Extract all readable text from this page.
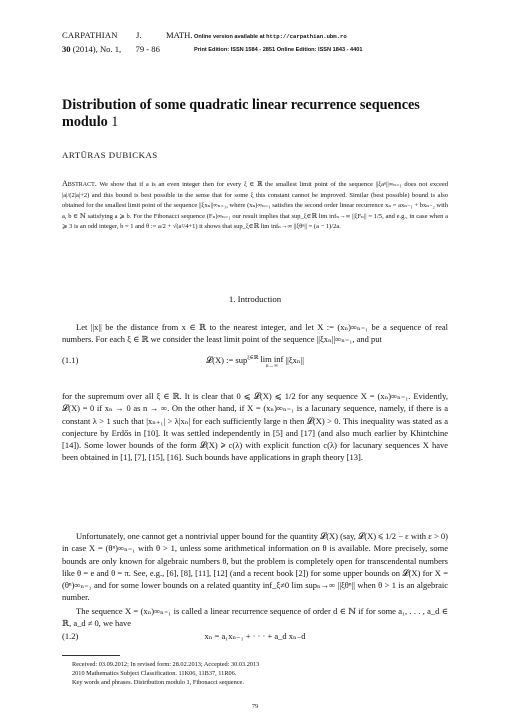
CARPATHIAN J.	MATH. Online version available at http://carpathian.ubm.ro
30 (2014), No. 1, 79 - 86	Print Edition: ISSN 1584 - 2851 Online Edition: ISSN 1843 - 4401
Distribution of some quadratic linear recurrence sequences modulo 1
ARTŪRAS DUBICKAS
Abstract. We show that if a is an even integer then for every ξ ∈ ℝ the smallest limit point of the sequence ||ξaⁿ||∞ₙ₌₁ does not exceed |a|/(2|a|+2) and this bound is best possible in the sense that for some ξ this constant cannot be improved. Similar (best possible) bound is also obtained for the smallest limit point of the sequence ||ξxₙ||∞ₙ₌₁, where (xₙ)∞ₙ₌₁ satisfies the second order linear recurrence xₙ = axₙ₋₁ + bxₙ₋₂ with a, b ∈ ℕ satisfying a ⩾ b. For the Fibonacci sequence (Fₙ)∞ₙ₌₁ our result implies that sup_ξ∈ℝ lim infₙ→∞ ||ξFₙ|| = 1/5, and e.g., in case when a ⩾ 3 is an odd integer, b = 1 and θ := a/2 + √(a²/4+1) it shows that sup_ξ∈ℝ lim infₙ→∞ ||ξθⁿ|| = (a − 1)/2a.
1. Introduction
Let ||x|| be the distance from x ∈ ℝ to the nearest integer, and let X := (xₙ)∞ₙ₌₁ be a sequence of real numbers. For each ξ ∈ ℝ we consider the least limit point of the sequence ||ξxₙ||∞ₙ₌₁, and put
(1.1)	𝓛(X) := sup ξ∈ℝ lim inf
n→∞
||ξxₙ||
for the supremum over all ξ ∈ ℝ. It is clear that 0 ⩽ 𝓛(X) ⩽ 1/2 for any sequence X = (xₙ)∞ₙ₌₁. Evidently, 𝓛(X) = 0 if xₙ → 0 as n → ∞. On the other hand, if X = (xₙ)∞ₙ₌₁ is a lacunary sequence, namely, if there is a constant λ > 1 such that |xₙ₊₁| > λ|xₙ| for each sufficiently large n then 𝓛(X) > 0. This inequality was stated as a conjecture by Erdős in [10]. It was settled independently in [5] and [17] (and also much earlier by Khintchine [14]). Some lower bounds of the form 𝓛(X) ⩾ c(λ) with explicit function c(λ) for lacunary sequences X have been obtained in [1], [7], [15], [16]. Such bounds have applications in graph theory [13].
Unfortunately, one cannot get a nontrivial upper bound for the quantity 𝓛(X) (say, 𝓛(X) ⩽ 1/2 − ε with ε > 0) in case X = (θⁿ)∞ₙ₌₁ with θ > 1, unless some arithmetical information on θ is available. More precisely, some bounds are only known for algebraic numbers θ, but the problem is completely open for transcendental numbers like θ = e and θ = π. See, e.g., [6], [8], [11], [12] (and a recent book [2]) for some upper bounds on 𝓛(X) for X = (θⁿ)∞ₙ₌₁ and for some lower bounds on a related quantity inf_ξ≠0 lim supₙ→∞ ||ξθⁿ|| when θ > 1 is an algebraic number.
The sequence X = (xₙ)∞ₙ₌₁ is called a linear recurrence sequence of order d ∈ ℕ if for some a₁, . . . , a_d ∈ ℝ, a_d ≠ 0, we have
(1.2)	xₙ = a₁xₙ₋₁ + · · · + a_d xₙ₋d
Received: 03.09.2012; In revised form: 28.02.2013; Accepted: 30.03.2013
2010 Mathematics Subject Classification. 11K06, 11B37, 11R06.
Key words and phrases. Distribution modulo 1, Fibonacci sequence.
79
